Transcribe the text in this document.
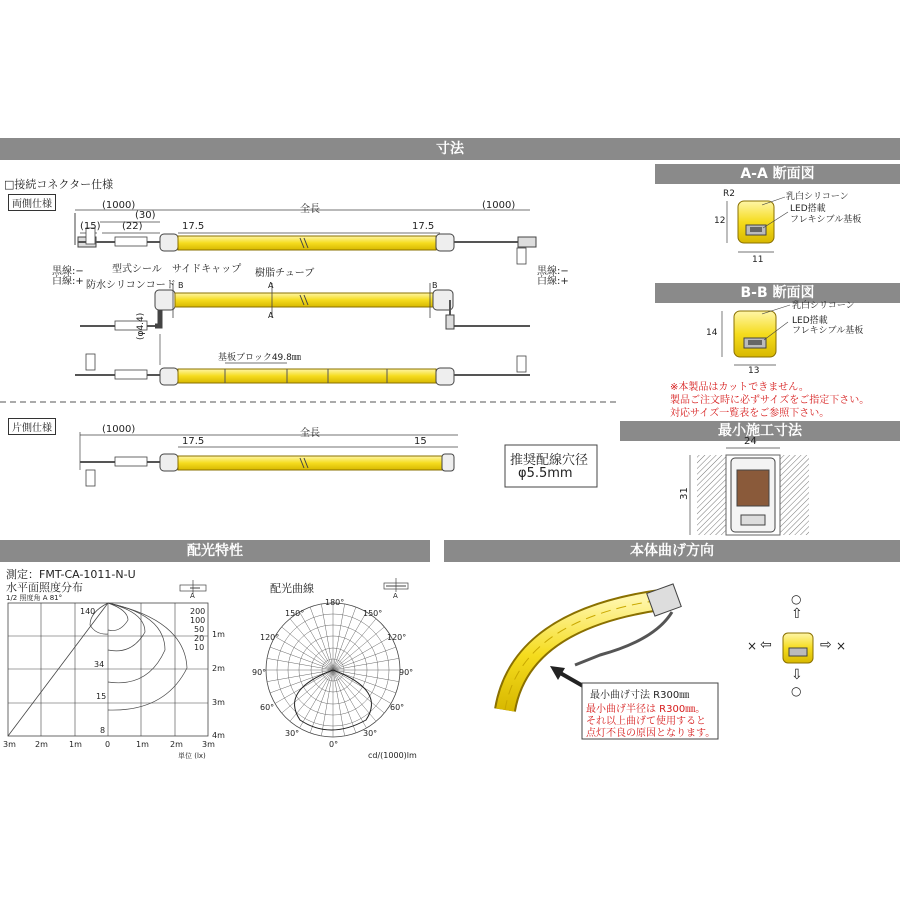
寸法
A-A 断面図
B-B 断面図
最小施工寸法
配光特性	本体曲げ方向
□接続コネクター仕様
両側仕様	(1000)
(30)
(15) (22)	17.5
全長
17.5
(1000)
黒線:−
白線:+
型式シール
防水シリコンコード
サイドキャップ 樹脂チューブ	黒線:−
白線:+
(φ4.4)
基板ブロック49.8㎜
A
A
B	B
片側仕様	(1000)	全長
17.5	15
推奨配線穴径
φ5.5mm
R2	乳白シリコーン
LED搭載
フレキシブル基板
12
11
乳白シリコーン
LED搭載
フレキシブル基板
14
13
※本製品はカットできません。
製品ご注文時に必ずサイズをご指定下さい。
対応サイズ一覧表をご参照下さい。
24
31
測定：FMT-CA-1011-N-U
水平面照度分布
1/2 照度角 A 81°
配光曲線
A	A
140
34
15
8
200
100
50
20
10
1m
2m
3m
4m
3m 2m	1m	0	1m	2m 3m
単位 (lx)
180°
150°	150°
120°	120°
90°	90°
60°	60°
30°	30°
0°
cd/(1000)lm
最小曲げ寸法 R300㎜
最小曲げ半径は R300㎜。
それ以上曲げて使用すると
点灯不良の原因となります。
○
⇧
× ⇦	⇨ ×
⇩
○
